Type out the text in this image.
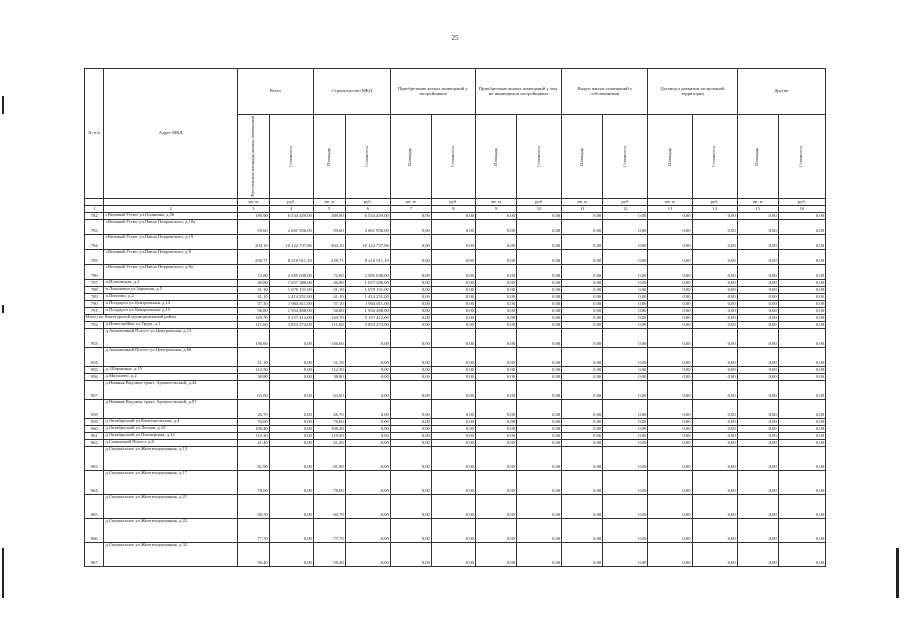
25
№ п/п	Адрес МКД	Всего		Строительство МКД		Приобретение жилых помещений у застройщиков		Приобретение жилых помещений у лиц, не являющихся застройщиком		Выкуп жилых помещений у собственников		Договор о развитии застроенной территории		Другие	

		Расселяемая площадь жилых помещений	Стоимость	Площадь	Стоимость	Площадь	Стоимость	Площадь	Стоимость	Площадь	Стоимость	Площадь	Стоимость	Площадь	Стоимость

		кв. м	руб.	кв. м	руб.	кв. м	руб.	кв. м	руб.	кв. м	руб.	кв. м	руб.	кв. м	руб.
1	2	3	4	5	6	7	8	9	10	11	12	13	14	15	16
782	г.Великий Устюг ул.Осиновка, д.50	189,90	6 534 459,00	189,90	6 534 459,00	0,00	0,00	0,00	0,00	0,00	0,00	0,00	0,00	0,00	0,00
783	г.Великий Устюг ул.Павла Покровского, д.10а	59,60	2 061 956,00	59,60	2 061 956,00	0,00	0,00	0,00	0,00	0,00	0,00	0,00	0,00	0,00	0,00
784	г.Великий Устюг ул.Павла Покровского, д.19	294,10	10 122 737,86	294,10	10 122 737,86	0,00	0,00	0,00	0,00	0,00	0,00	0,00	0,00	0,00	0,00
785	г.Великий Устюг ул.Павла Покровского, д.8	238,71	8 210 011,10	238,71	8 210 011,10	0,00	0,00	0,00	0,00	0,00	0,00	0,00	0,00	0,00	0,00
786	г.Великий Устюг ул.Павла Покровского, д.8а	72,80	2 585 048,00	72,80	2 585 048,00	0,00	0,00	0,00	0,00	0,00	0,00	0,00	0,00	0,00	0,00
787	п.Илатовская, д.2	46,80	1 657 386,00	46,80	1 657 386,00	0,00	0,00	0,00	0,00	0,00	0,00	0,00	0,00	0,00	0,00
788	п.Ломоватка ул.Заречная, д.5	31,10	1 070 151,00	31,10	1 070 151,00	0,00	0,00	0,00	0,00	0,00	0,00	0,00	0,00	0,00	0,00
789	п.Пихтово, д.2	41,10	1 414 251,00	41,10	1 414 251,00	0,00	0,00	0,00	0,00	0,00	0,00	0,00	0,00	0,00	0,00
790	п.Полдарса ул.Центральная, д.14	57,10	1 964 811,00	57,10	1 964 811,00	0,00	0,00	0,00	0,00	0,00	0,00	0,00	0,00	0,00	0,00
791	п.Полдарса ул.Центральная, д.15	56,80	1 954 488,00	56,80	1 954 488,00	0,00	0,00	0,00	0,00	0,00	0,00	0,00	0,00	0,00	0,00
Итого по Вытегорской муниципальный район		149,70	5 157 412,00	149,70	5 157 412,00	0,00	0,00	0,00	0,00	0,00	0,00	0,00	0,00	0,00	0,00
792	д.Новострбйка ул.Труда, д.1	111,60	3 853 274,00	111,60	3 853 274,00	0,00	0,00	0,00	0,00	0,00	0,00	0,00	0,00	0,00	0,00
953	д.Анхимовкий Погост ул.Центральная, д.13	136,60	0,00	136,60	0,00	0,00	0,00	0,00	0,00	0,00	0,00	0,00	0,00	0,00	0,00
954	д.Анхимовкий Погост ул.Центральная, д.60	51,10	0,00	51,10	0,00	0,00	0,00	0,00	0,00	0,00	0,00	0,00	0,00	0,00	0,00
955	д. Шорминиа, д.15	112,50	0,00	112,50	0,00	0,00	0,00	0,00	0,00	0,00	0,00	0,00	0,00	0,00	0,00
956	д.Михалево, д.2	38,80	0,00	38,80	0,00	0,00	0,00	0,00	0,00	0,00	0,00	0,00	0,00	0,00	0,00
957	д.Нижняя Водлица тракт, Архангельский, д.44	63,00	0,00	63,00	0,00	0,00	0,00	0,00	0,00	0,00	0,00	0,00	0,00	0,00	0,00
958	д.Нижняя Водлица тракт, Архангельский, д.97	26,70	0,00	26,70	0,00	0,00	0,00	0,00	0,00	0,00	0,00	0,00	0,00	0,00	0,00
959	д.Октябрьский ул.Комсомольская, д.4	76,60	0,00	76,60	0,00	0,00	0,00	0,00	0,00	0,00	0,00	0,00	0,00	0,00	0,00
960	д.Октябрьский ул.Лесная, д.10	108,40	0,00	108,40	0,00	0,00	0,00	0,00	0,00	0,00	0,00	0,00	0,00	0,00	0,00
961	д.Октябрьский ул.Пионерская, д.12	119,30	0,00	119,30	0,00	0,00	0,00	0,00	0,00	0,00	0,00	0,00	0,00	0,00	0,00
962	д.Саминский Погост, д.8	41,40	0,00	41,40	0,00	0,00	0,00	0,00	0,00	0,00	0,00	0,00	0,00	0,00	0,00
963	д.Сорокополье ул.Железнодорожная, д.13	81,90	0,00	81,90	0,00	0,00	0,00	0,00	0,00	0,00	0,00	0,00	0,00	0,00	0,00
964	д.Сорокополье ул.Железнодорожная, д.17	78,00	0,00	78,00	0,00	0,00	0,00	0,00	0,00	0,00	0,00	0,00	0,00	0,00	0,00
965	д.Сорокополье ул.Железнодорожная, д.21	60,70	0,00	60,70	0,00	0,00	0,00	0,00	0,00	0,00	0,00	0,00	0,00	0,00	0,00
966	д.Сорокополье ул.Железнодорожная, д.22	77,70	0,00	77,70	0,00	0,00	0,00	0,00	0,00	0,00	0,00	0,00	0,00	0,00	0,00
967	д.Сорокополье ул.Железнодорожная, д.32	58,40	0,00	58,40	0,00	0,00	0,00	0,00	0,00	0,00	0,00	0,00	0,00	0,00	0,00
